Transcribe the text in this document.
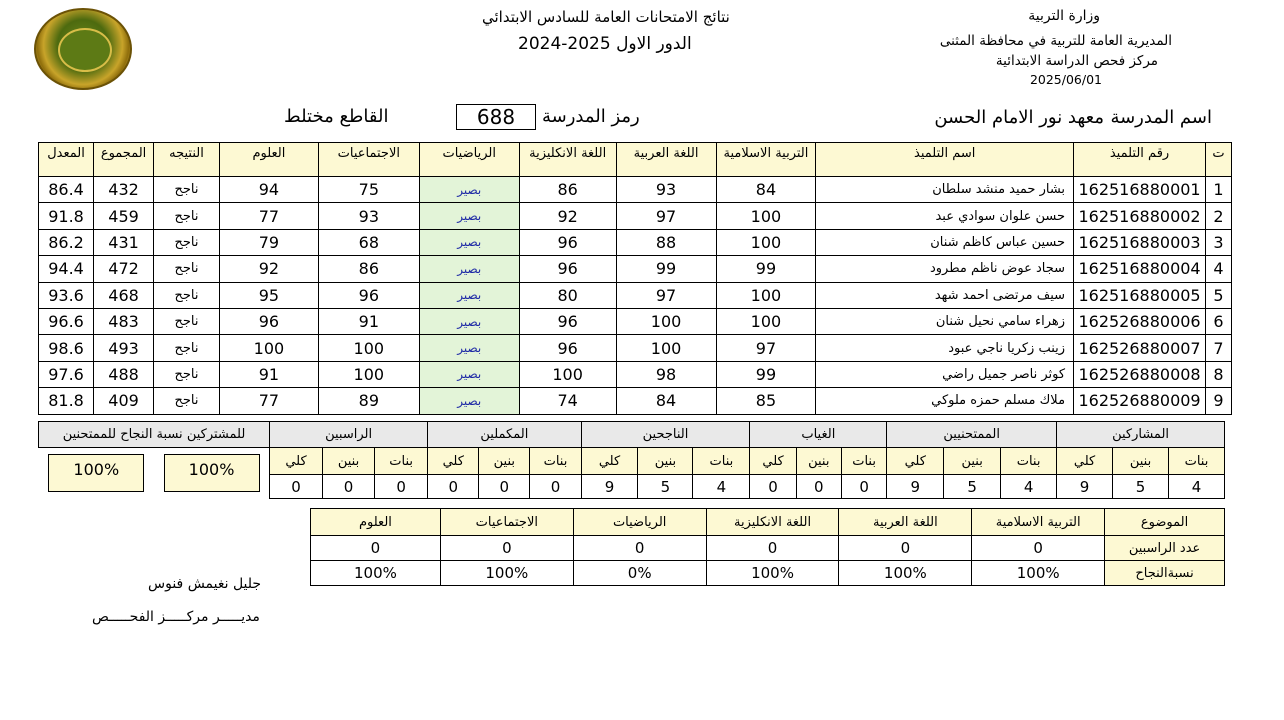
وزارة التربية
المديرية العامة للتربية في محافظة المثنى
مركز فحص الدراسة الابتدائية
2025/06/01
نتائج الامتحانات العامة للسادس الابتدائي
2024-2025 الدور الاول
اسم المدرسة
معهد نور الامام الحسن
رمز المدرسة
688
القاطع مختلط
ت	رقم التلميذ	اسم التلميذ	التربية الاسلامية	اللغة العربية	اللغة الانكليزية	الرياضيات	الاجتماعيات	العلوم	النتيجه	المجموع	المعدل
1	162516880001	بشار حميد منشد سلطان	84	93	86	بصير	75	94	ناجح	432	86.4
2	162516880002	حسن علوان سوادي عبد	100	97	92	بصير	93	77	ناجح	459	91.8
3	162516880003	حسين عباس كاظم شنان	100	88	96	بصير	68	79	ناجح	431	86.2
4	162516880004	سجاد عوض ناظم مطرود	99	99	96	بصير	86	92	ناجح	472	94.4
5	162516880005	سيف مرتضى احمد شهد	100	97	80	بصير	96	95	ناجح	468	93.6
6	162526880006	زهراء سامي نحيل شنان	100	100	96	بصير	91	96	ناجح	483	96.6
7	162526880007	زينب زكريا ناجي عبود	97	100	96	بصير	100	100	ناجح	493	98.6
8	162526880008	كوثر ناصر جميل راضي	99	98	100	بصير	100	91	ناجح	488	97.6
9	162526880009	ملاك مسلم حمزه ملوكي	85	84	74	بصير	89	77	ناجح	409	81.8
المشاركين			الممتحنيين			الغياب			الناجحين			المكملين			الراسبين			للمشتركين نسبة النجاح للممتحنين	
بنات	بنين	كلي	بنات	بنين	كلي	بنات	بنين	كلي	بنات	بنين	كلي	بنات	بنين	كلي	بنات	بنين	كلي	100%	100%
4	5	9	4	5	9	0	0	0	4	5	9	0	0	0	0	0	0		
الموضوع	التربية الاسلامية	اللغة العربية	اللغة الانكليزية	الرياضيات	الاجتماعيات	العلوم
عدد الراسبين	0	0	0	0	0	0
نسبةالنجاح	100%	100%	100%	0%	100%	100%
جليل نغيمش فنوس
مديـــــر مركـــــز الفحـــــص
